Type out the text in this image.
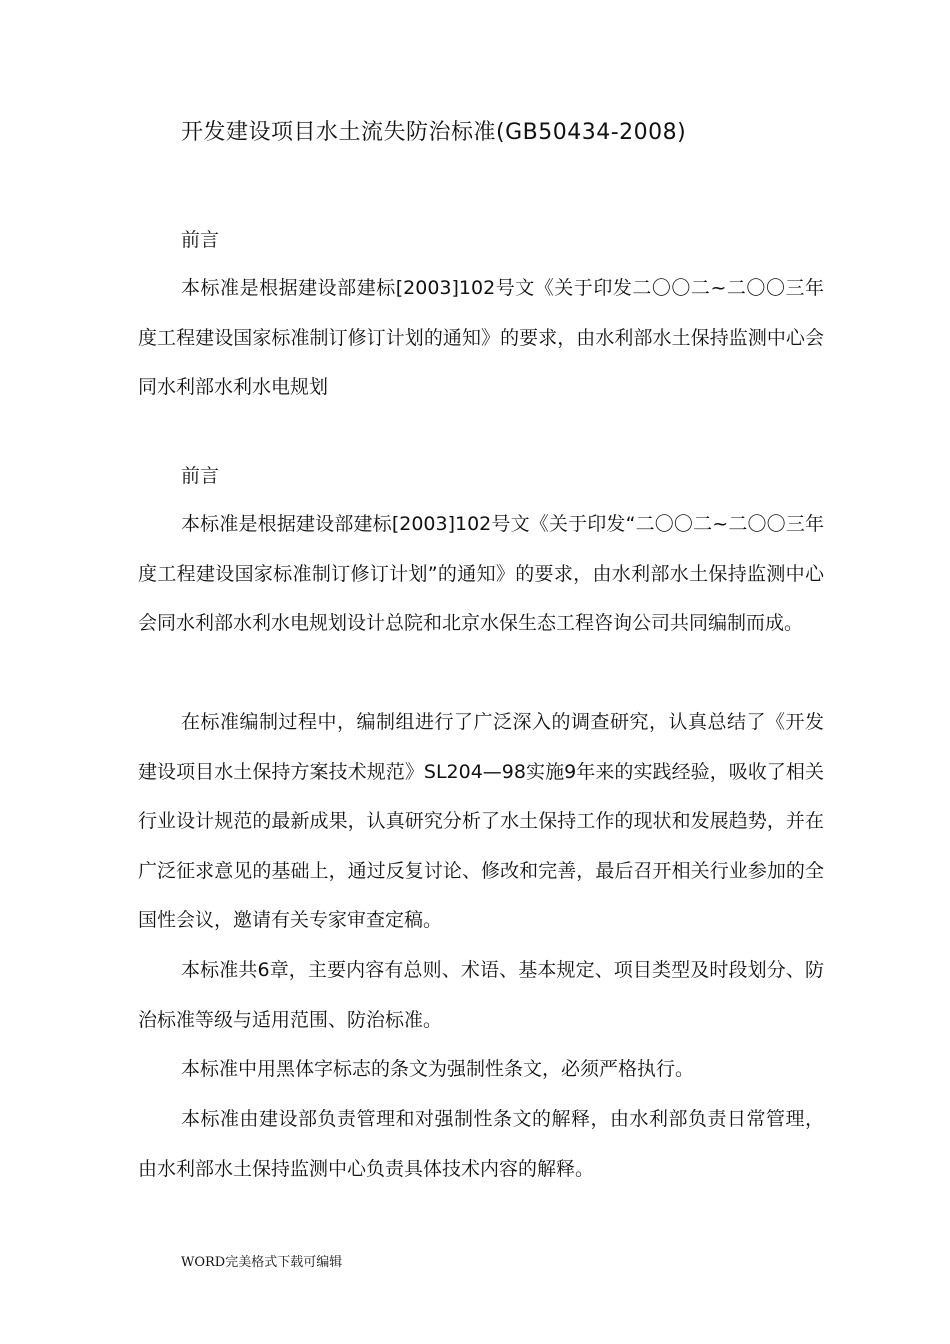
开发建设项目水土流失防治标准(GB50434-2008)
前言

本标准是根据建设部建标[2003]102号文《关于印发二〇〇二~二〇〇三年度工程建设国家标准制订修订计划的通知》的要求，由水利部水土保持监测中心会同水利部水利水电规划

前言

本标准是根据建设部建标[2003]102号文《关于印发“二〇〇二~二〇〇三年度工程建设国家标准制订修订计划”的通知》的要求，由水利部水土保持监测中心会同水利部水利水电规划设计总院和北京水保生态工程咨询公司共同编制而成。

在标准编制过程中，编制组进行了广泛深入的调查研究，认真总结了《开发建设项目水土保持方案技术规范》SL204—98实施9年来的实践经验，吸收了相关行业设计规范的最新成果，认真研究分析了水土保持工作的现状和发展趋势，并在广泛征求意见的基础上，通过反复讨论、修改和完善，最后召开相关行业参加的全国性会议，邀请有关专家审查定稿。

本标准共6章，主要内容有总则、术语、基本规定、项目类型及时段划分、防治标准等级与适用范围、防治标准。

本标准中用黑体字标志的条文为强制性条文，必须严格执行。

本标准由建设部负责管理和对强制性条文的解释，由水利部负责日常管理，由水利部水土保持监测中心负责具体技术内容的解释。

WORD完美格式下载可编辑
